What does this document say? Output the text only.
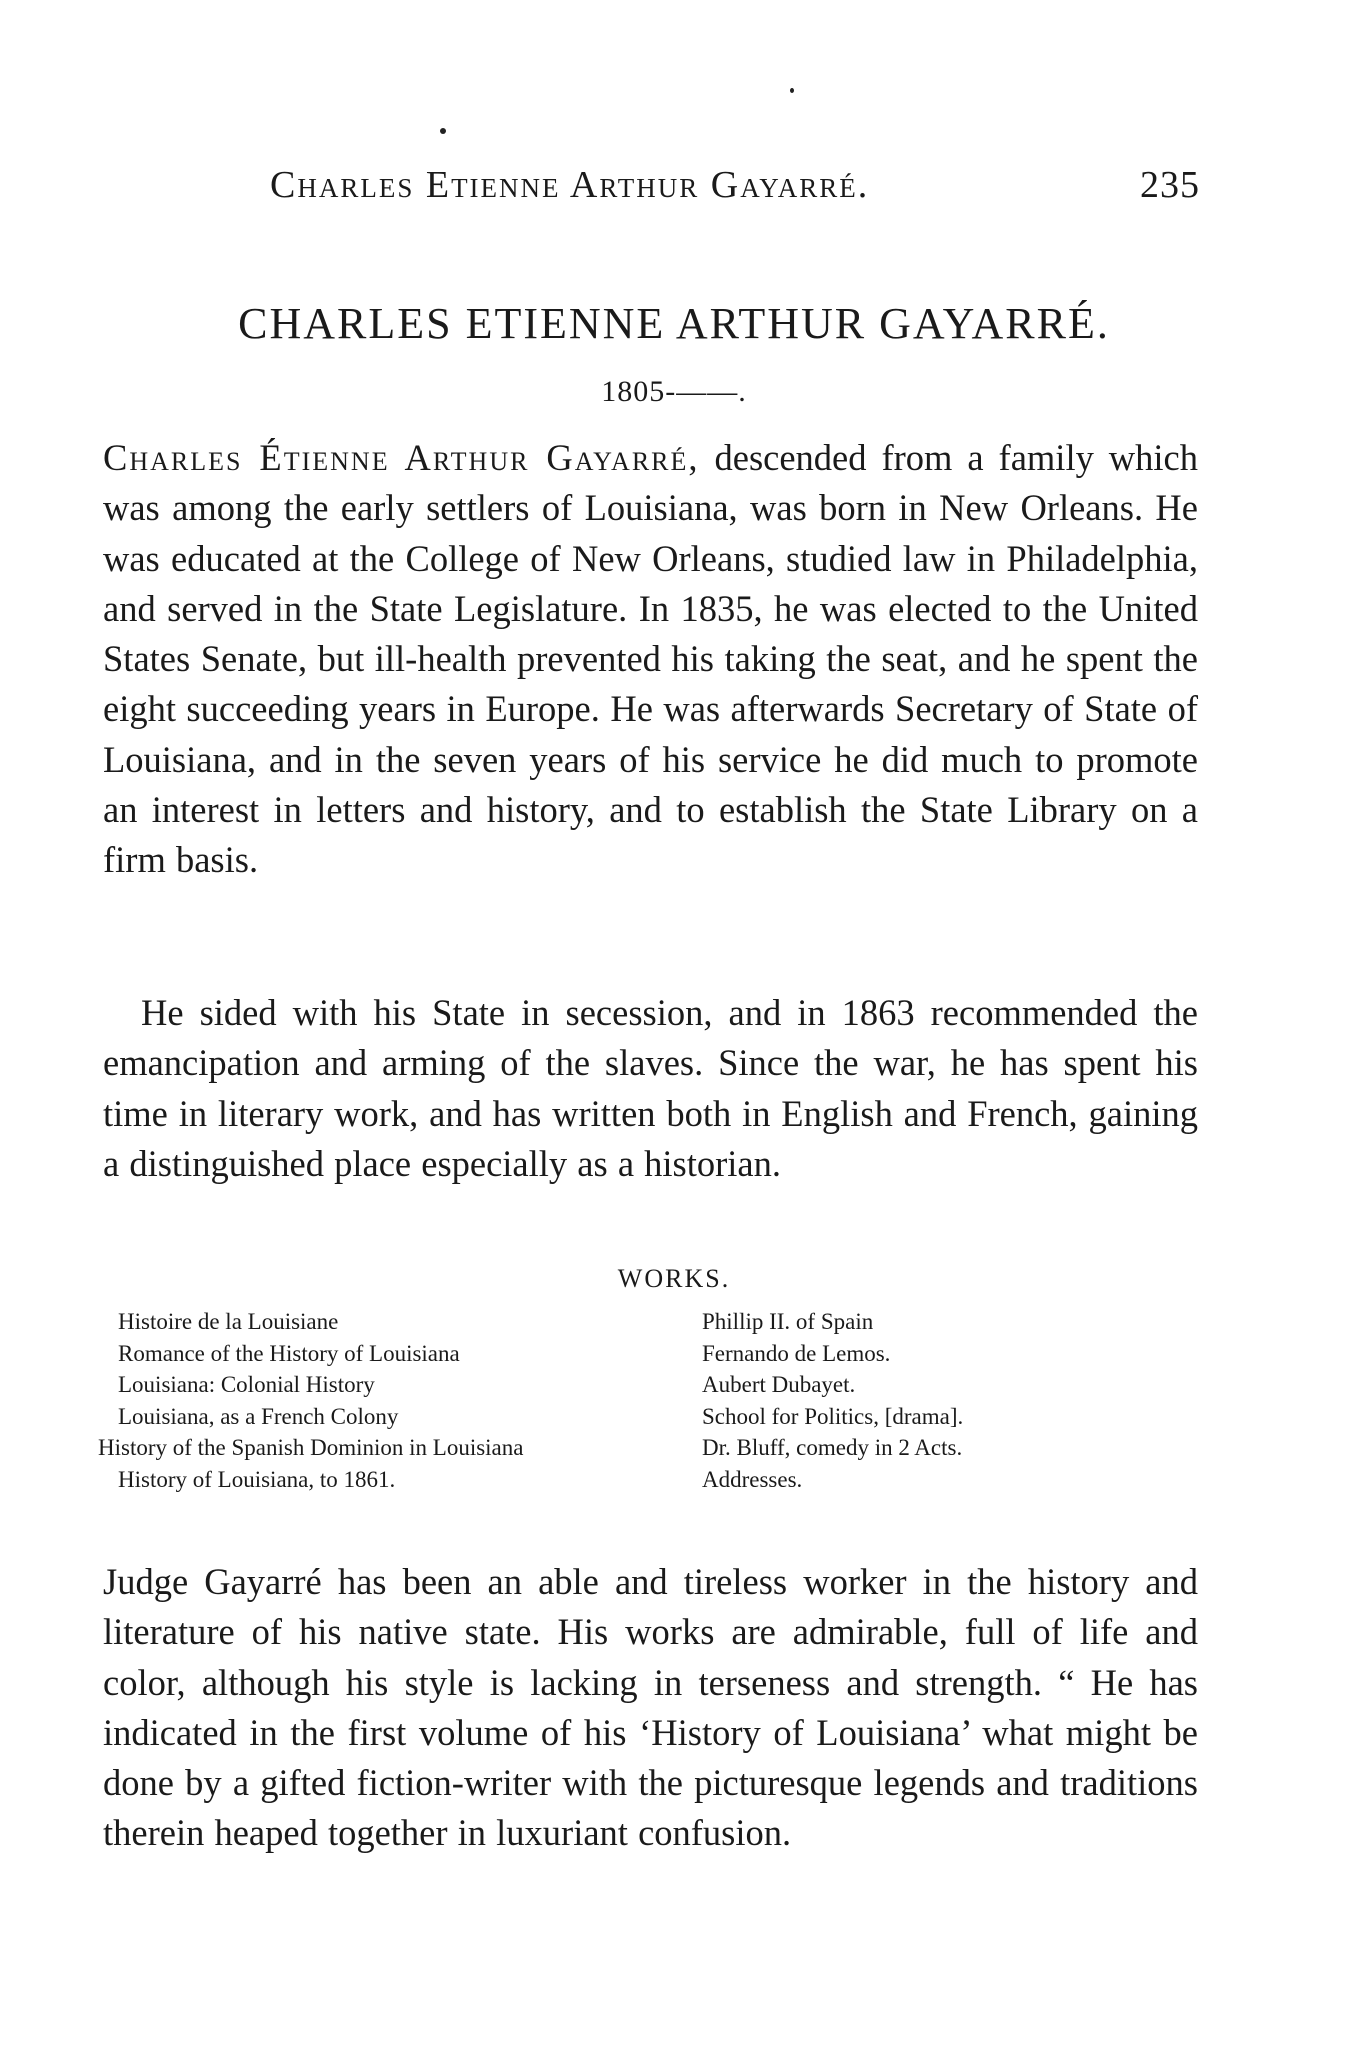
Charles Etienne Arthur Gayarré.	235
CHARLES ETIENNE ARTHUR GAYARRÉ.
1805-——.

Charles Étienne Arthur Gayarré, descended from a family which was among the early settlers of Louisiana, was born in New Orleans. He was educated at the College of New Orleans, studied law in Philadelphia, and served in the State Legislature. In 1835, he was elected to the United States Senate, but ill-health prevented his taking the seat, and he spent the eight succeeding years in Europe. He was afterwards Secretary of State of Louisiana, and in the seven years of his service he did much to promote an interest in letters and history, and to establish the State Library on a firm basis.

He sided with his State in secession, and in 1863 recommended the emancipation and arming of the slaves. Since the war, he has spent his time in literary work, and has written both in English and French, gaining a distinguished place especially as a historian.

WORKS.
Histoire de la Louisiane
Romance of the History of Louisiana
Louisiana: Colonial History
Louisiana, as a French Colony
History of the Spanish Dominion in Louisiana
History of Louisiana, to 1861.
Phillip II. of Spain
Fernando de Lemos.
Aubert Dubayet.
School for Politics, [drama].
Dr. Bluff, comedy in 2 Acts.
Addresses.

Judge Gayarré has been an able and tireless worker in the history and literature of his native state. His works are admirable, full of life and color, although his style is lacking in terseness and strength. “ He has indicated in the first volume of his ‘History of Louisiana’ what might be done by a gifted fiction-writer with the picturesque legends and traditions therein heaped together in luxuriant confusion.
